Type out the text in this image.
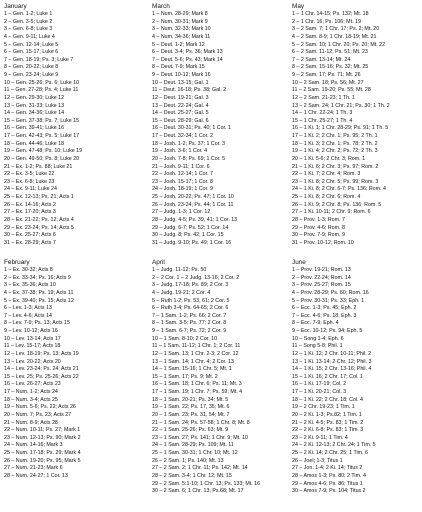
January
1 – Gen. 1-2; Luke 1
2 – Gen. 3-5; Luke 2
3 – Gen. 6-8; Luke 3
4 – Gen. 9-11; Luke 4
5 – Gen. 12-14; Luke 5
6 – Gen. 15-17; Luke 6
7 – Gen. 18-19; Ps. 3; Luke 7
8 – Gen. 20-22; Luke 8
9 – Gen. 23-24; Luke 9
10 – Gen. 25-26; Ps. 6; Luke 10
11 – Gen. 27-28; Ps. 4; Luke 11
12 – Gen. 29-30; Luke 12
13 – Gen. 31-33; Luke 13
14 – Gen. 34-36; Luke 14
15 – Gen. 37-38; Ps. 7; Luke 15
16 – Gen. 39-41; Luke 16
17 – Gen. 42-43; Ps. 5; Luke 17
18 – Gen. 44-46; Luke 18
19 – Gen. 47-48; Ps. 10; Luke 19
20 – Gen. 49-50; Ps. 8; Luke 20
21 – Ex. 1-2; Ps. 88; Luke 21
22 – Ex. 3-5; Luke 22
23 – Ex. 6-8; Luke 23
24 – Ex. 9-11; Luke 24
25 – Ex. 12-13; Ps. 21; Acts 1
26 – Ex. 14-16; Acts 2
27 – Ex. 17-20; Acts 3
28 – Ex. 21-22; Ps. 12; Acts 4
29 – Ex. 23-24; Ps. 14; Acts 5
30 – Ex. 25-27; Acts 6
31 – Ex. 28-29; Acts 7
March
1 – Num. 28-29; Mark 8
2 – Num. 30-31; Mark 9
3 – Num. 32-33; Mark 10
4 – Num. 34-36; Mark 11
5 – Deut. 1-2; Mark 12
6 – Deut. 3-4; Ps. 36; Mark 13
7 – Deut. 5-6; Ps. 43; Mark 14
8 – Deut. 7-9; Mark 15
9 – Deut. 10-12; Mark 16
10 – Deut. 13-15; Gal. 1
11 – Deut. 16-18; Ps. 38; Gal. 2
12 – Deut. 19-21; Gal. 3
13 – Deut. 22-24; Gal. 4
14 – Deut. 25-27; Gal. 5
15 – Deut. 28-29; Gal. 6
16 – Deut. 30-31; Ps. 40; 1 Cor. 1
17 – Deut. 32-34; 1 Cor. 2
18 – Josh. 1-2; Ps. 37; 1 Cor. 3
19 – Josh. 3-6; 1 Cor. 4
20 – Josh. 7-8; Ps. 69; 1 Cor. 5
21 – Josh. 9-11; 1 Cor. 6
22 – Josh. 12-14; 1 Cor. 7
23 – Josh. 15-17; 1 Cor. 8
24 – Josh. 18-19; 1 Cor. 9
25 – Josh. 20-22; Ps. 47; 1 Cor. 10
26 – Josh. 23-24; Ps. 44; 1 Cor. 11
27 – Judg. 1-3; 1 Cor. 12
28 – Judg. 4-5; Ps. 39, 41; 1 Cor. 13
29 – Judg. 6-7; Ps. 52; 1 Cor. 14
30 – Judg. 8; Ps. 42; 1 Cor. 15
31 – Judg. 9-10; Ps. 49; 1 Cor. 16
May
1 – 1 Chr. 14-15; Ps. 132; Mt. 18
2 – 1 Chr. 16; Ps. 106; Mt. 19
3 – 2 Sam. 7; 1 Chr. 17; Ps. 2; Mt. 20
4 – 2 Sam. 8-9; 1 Chr. 18-19; Mt. 21
5 – 2 Sam. 10; 1 Chr. 20; Ps. 20; Mt. 22
6 – 2 Sam. 11-12; Ps. 51; Mt. 23
7 – 2 Sam. 13-14; Mt. 24
8 – 2 Sam. 15-16; Ps. 32; Mt. 25
9 – 2 Sam. 17; Ps. 71; Mt. 26
10 – 2 Sam. 18; Ps. 56; Mt. 27
11 – 2 Sam. 19-20; Ps. 55; Mt. 28
12 – 2 Sam. 21-23; 1 Th. 1
13 – 2 Sam. 24; 1 Chr. 21; Ps. 30; 1 Th. 2
14 – 1 Chr. 22-24; 1 Th. 3
15 – 1 Chr. 25-27; 1 Th. 4
16 – 1 Ki. 1; 1 Chr. 28-29; Ps. 91; 1 Th. 5
17 – 1 Ki. 2; 2 Chr. 1; Ps. 95; 2 Th. 1
18 – 1 Ki. 3; 2 Chr. 1; Ps. 78; 2 Th. 2
19 – 1 Ki. 4; 2 Chr. 2; Ps. 72; 2 Th. 3
20 – 1 Ki. 5-6; 2 Chr. 3; Rom. 1
21 – 1 Ki. 6; 2 Chr. 3; Ps. 97; Rom. 2
22 – 1 Ki. 7; 2 Chr. 4; Rom. 3
23 – 1 Ki. 8; 2 Chr. 5; Ps. 99; Rom. 3
24 – 1 Ki. 8; 2 Chr. 6-7; Ps. 136; Rom. 4
25 – 1 Ki. 8; 2 Chr. 6; Rom. 4
26 – 1 Ki. 9; 2 Chr. 8; Ps. 136; Rom. 5
27 – 1 Ki. 10-11; 2 Chr. 9; Rom. 6
28 – Prov. 1-3; Rom. 7
29 – Prov. 4-6; Rom. 8
30 – Prov. 7-9; Rom. 9
31 – Prov. 10-12; Rom. 10
February
1 – Ex. 30-32; Acts 8
2 – Ex. 33-34; Ps. 16; Acts 9
3 – Ex. 35-36; Acts 10
4 – Ex. 37-38; Ps. 19; Acts 11
5 – Ex. 39-40; Ps. 15; Acts 12
6 – Lev. 1-3; Acts 13
7 – Lev. 4-6; Acts 14
8 – Lev. 7-9; Ps. 13; Acts 15
9 – Lev. 10-12; Acts 16
10 – Lev. 13-14; Acts 17
11 – Lev. 15-17; Acts 18
12 – Lev. 18-19; Ps. 13; Acts 19
13 – Lev. 20-22; Acts 20
14 – Lev. 23-24; Ps. 24; Acts 21
15 – Lev. 25; Ps. 25-26; Acts 22
16 – Lev. 26-27; Acts 23
17 – Num. 1-2; Acts 24
18 – Num. 3-4; Acts 25
19 – Num. 5-6; Ps. 22; Acts 26
20 – Num. 7; Ps. 23; Acts 27
21 – Num. 8-9; Acts 28
22 – Num. 10-11; Ps. 27; Mark 1
23 – Num. 12-13; Ps. 90; Mark 2
24 – Num. 14-16; Mark 3
25 – Num. 17-18; Ps. 29; Mark 4
26 – Num. 19-20; Ps. 95; Mark 5
27 – Num. 21-23; Mark 6
28 – Num. 24-27; 1 Cor. 13
April
1 – Judg. 11-12; Ps. 50
2 – 2 Cor. 1 – 2 Judg. 13-16; 2 Cor. 2
3 – Judg. 17-18; Ps. 89; 2 Cor. 3
4 – Judg. 19-21; 2 Cor. 4
5 – Ruth 1-2; Ps. 53, 61; 2 Cor. 5
6 – Ruth 3-4; Ps. 64-65; 2 Cor. 6
7 – 1 Sam. 1-2; Ps. 66; 2 Cor. 7
8 – 1 Sam. 3-5; Ps. 77; 2 Cor. 8
9 – 1 Sam. 6-7; Ps. 72; 2 Cor. 9
10 – 1 Sam. 8-10; 2 Cor. 10
11 – 1 Sam. 11-12; 1 Chr. 1; 2 Cor. 11
12 – 1 Sam. 13; 1 Chr. 2-3; 2 Cor. 12
13 – 1 Sam. 14; 1 Chr. 4; 2 Cor. 13
14 – 1 Sam. 15-16; 1 Chr. 5; Mt. 1
15 – 1 Sam. 17; Ps. 9; Mt. 2
16 – 1 Sam. 18; 1 Chr. 6; Ps. 11; Mt. 3
17 – 1 Sam. 19; 1 Chr. 7; Ps. 59; Mt. 4
18 – 1 Sam. 20-21; Ps. 34; Mt. 5
19 – 1 Sam. 22; Ps. 17, 35; Mt. 6
20 – 1 Sam. 23; Ps. 31, 54; Mt. 7
21 – 1 Sam. 24; Ps. 57-58; 1 Chr. 8; Mt. 8
22 – 1 Sam. 25-26; Ps. 63; Mt. 9
23 – 1 Sam. 27; Ps. 141; 1 Chr. 9; Mt. 10
24 – 1 Sam. 28-29; Ps. 109; Mt. 11
25 – 1 Sam. 30-31; 1 Chr. 10; Mt. 12
26 – 2 Sam. 1; Ps. 140; Mt. 13
27 – 2 Sam. 2; 1 Chr. 11; Ps. 142; Mt. 14
28 – 2 Sam. 3-4; 1 Chr. 12; Mt. 15
29 – 2 Sam. 5:1-10; 1 Chr. 13; Ps. 133; Mt. 16
30 – 2 Sam. 6; 1 Chr. 13; Ps.68; Mt. 17
June
1 – Prov. 19-21; Rom. 13
2 – Prov. 22-24; Rom. 14
3 – Prov. 25-27; Rom. 15
4 – Prov. 28-29; Ps. 60; Rom. 16
5 – Prov. 30-31; Ps. 33; Eph. 1
6 – Ecc. 1-3; Ps. 45; Eph. 2
7 – Ecc. 4-6; Ps. 18; Eph. 3
8 – Ecc. 7-9; Eph. 4
9 – Ecc. 10-12; Ps. 94; Eph. 5
10 – Song 1-4; Eph. 6
11 – Song 5-8; Phil. 1
12 – 1 Ki. 12; 2 Chr. 10-11; Phil. 2
13 – 1 Ki. 13-14; 2 Chr. 12; Phil. 3
14 – 1 Ki. 15; 2 Chr. 13-16; Phil. 4
15 – 1 Ki. 16; 2 Chr. 17; Col. 1
16 – 1 Ki. 17-19; Col. 2
17 – 1 Ki. 20-21; Col. 3
18 – 1 Ki. 22; 2 Chr. 18; Col. 4
19 – 2 Chr. 19-23; 1 Tim. 1
20 – 2 Ki. 1-3; Ps.82; 1 Tim. 1
21 – 2 Ki. 4-5; Ps. 83; 1 Tim. 2
22 – 2 Ki. 6-8; Ps. 83; 1 Tim. 3
23 – 2 Ki. 9-11; 1 Tim. 4
24 – 2 Ki. 12-13; 2 Chr. 24; 1 Tim. 5
25 – 2 Ki. 14; 2 Chr. 25; 1 Tim. 6
26 – Joel; 1-3; Titus 1
27 – Jon. 1-4; 2 Ki. 14; Titus 2
28 – Amos 1-3; Ps. 80; 2 Tim. 4
29 – Amos 4-6; Ps. 86; Titus 1
30 – Amos 7-9; Ps. 104; Titus 2
